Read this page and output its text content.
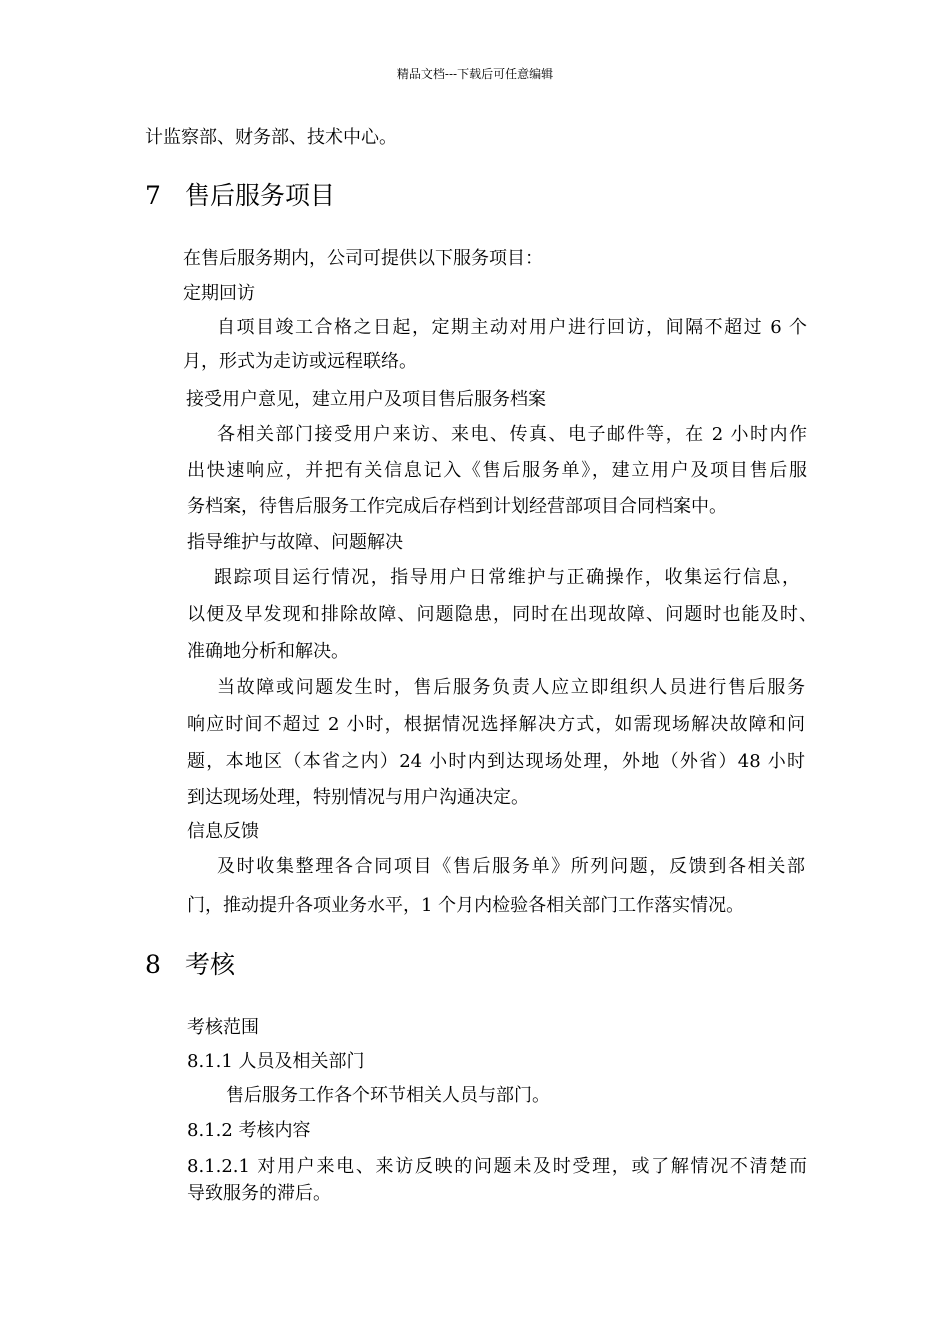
精品文档---下载后可任意编辑
计监察部、财务部、技术中心。
7 售后服务项目
在售后服务期内，公司可提供以下服务项目：
定期回访
自项目竣工合格之日起，定期主动对用户进行回访，间隔不超过 6 个
月，形式为走访或远程联络。
接受用户意见，建立用户及项目售后服务档案
各相关部门接受用户来访、来电、传真、电子邮件等，在 2 小时内作
出快速响应，并把有关信息记入《售后服务单》，建立用户及项目售后服
务档案，待售后服务工作完成后存档到计划经营部项目合同档案中。
指导维护与故障、问题解决
跟踪项目运行情况，指导用户日常维护与正确操作，收集运行信息，
以便及早发现和排除故障、问题隐患，同时在出现故障、问题时也能及时、
准确地分析和解决。
当故障或问题发生时，售后服务负责人应立即组织人员进行售后服务
响应时间不超过 2 小时，根据情况选择解决方式，如需现场解决故障和问
题，本地区（本省之内）24 小时内到达现场处理，外地（外省）48 小时
到达现场处理，特别情况与用户沟通决定。
信息反馈
及时收集整理各合同项目《售后服务单》所列问题，反馈到各相关部
门，推动提升各项业务水平，1 个月内检验各相关部门工作落实情况。
8 考核
考核范围
8.1.1 人员及相关部门
售后服务工作各个环节相关人员与部门。
8.1.2 考核内容
8.1.2.1 对用户来电、来访反映的问题未及时受理，或了解情况不清楚而
导致服务的滞后。
